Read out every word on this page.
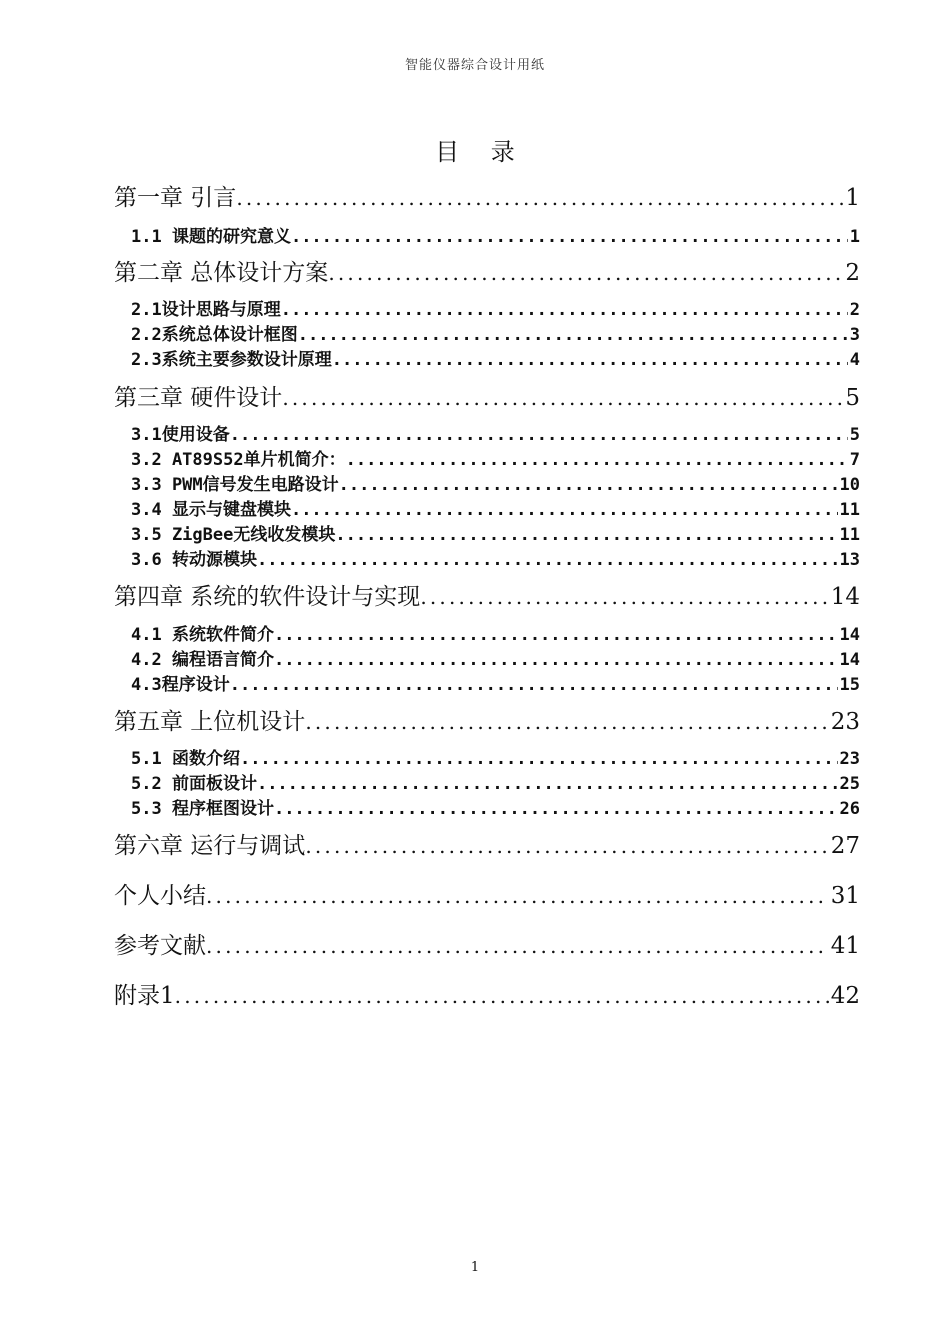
智能仪器综合设计用纸
目 录
第一章 引言 .....	1
1.1 课题的研究意义 .....	1
第二章 总体设计方案 .....	2
2.1设计思路与原理 .....	2
2.2系统总体设计框图 .....	3
2.3系统主要参数设计原理 .....	4
第三章 硬件设计 .....	5
3.1使用设备 .....	5
3.2 AT89S52单片机简介： .....	7
3.3 PWM信号发生电路设计 .....	10
3.4 显示与键盘模块 .....	11
3.5 ZigBee无线收发模块 .....	11
3.6 转动源模块 .....	13
第四章 系统的软件设计与实现 .....	14
4.1 系统软件简介 .....	14
4.2 编程语言简介 .....	14
4.3程序设计 .....	15
第五章 上位机设计 .....	23
5.1 函数介绍 .....	23
5.2 前面板设计 .....	25
5.3 程序框图设计 .....	26
第六章 运行与调试 .....	27
个人小结 .....	31
参考文献 .....	41
附录1 .....	42
1
